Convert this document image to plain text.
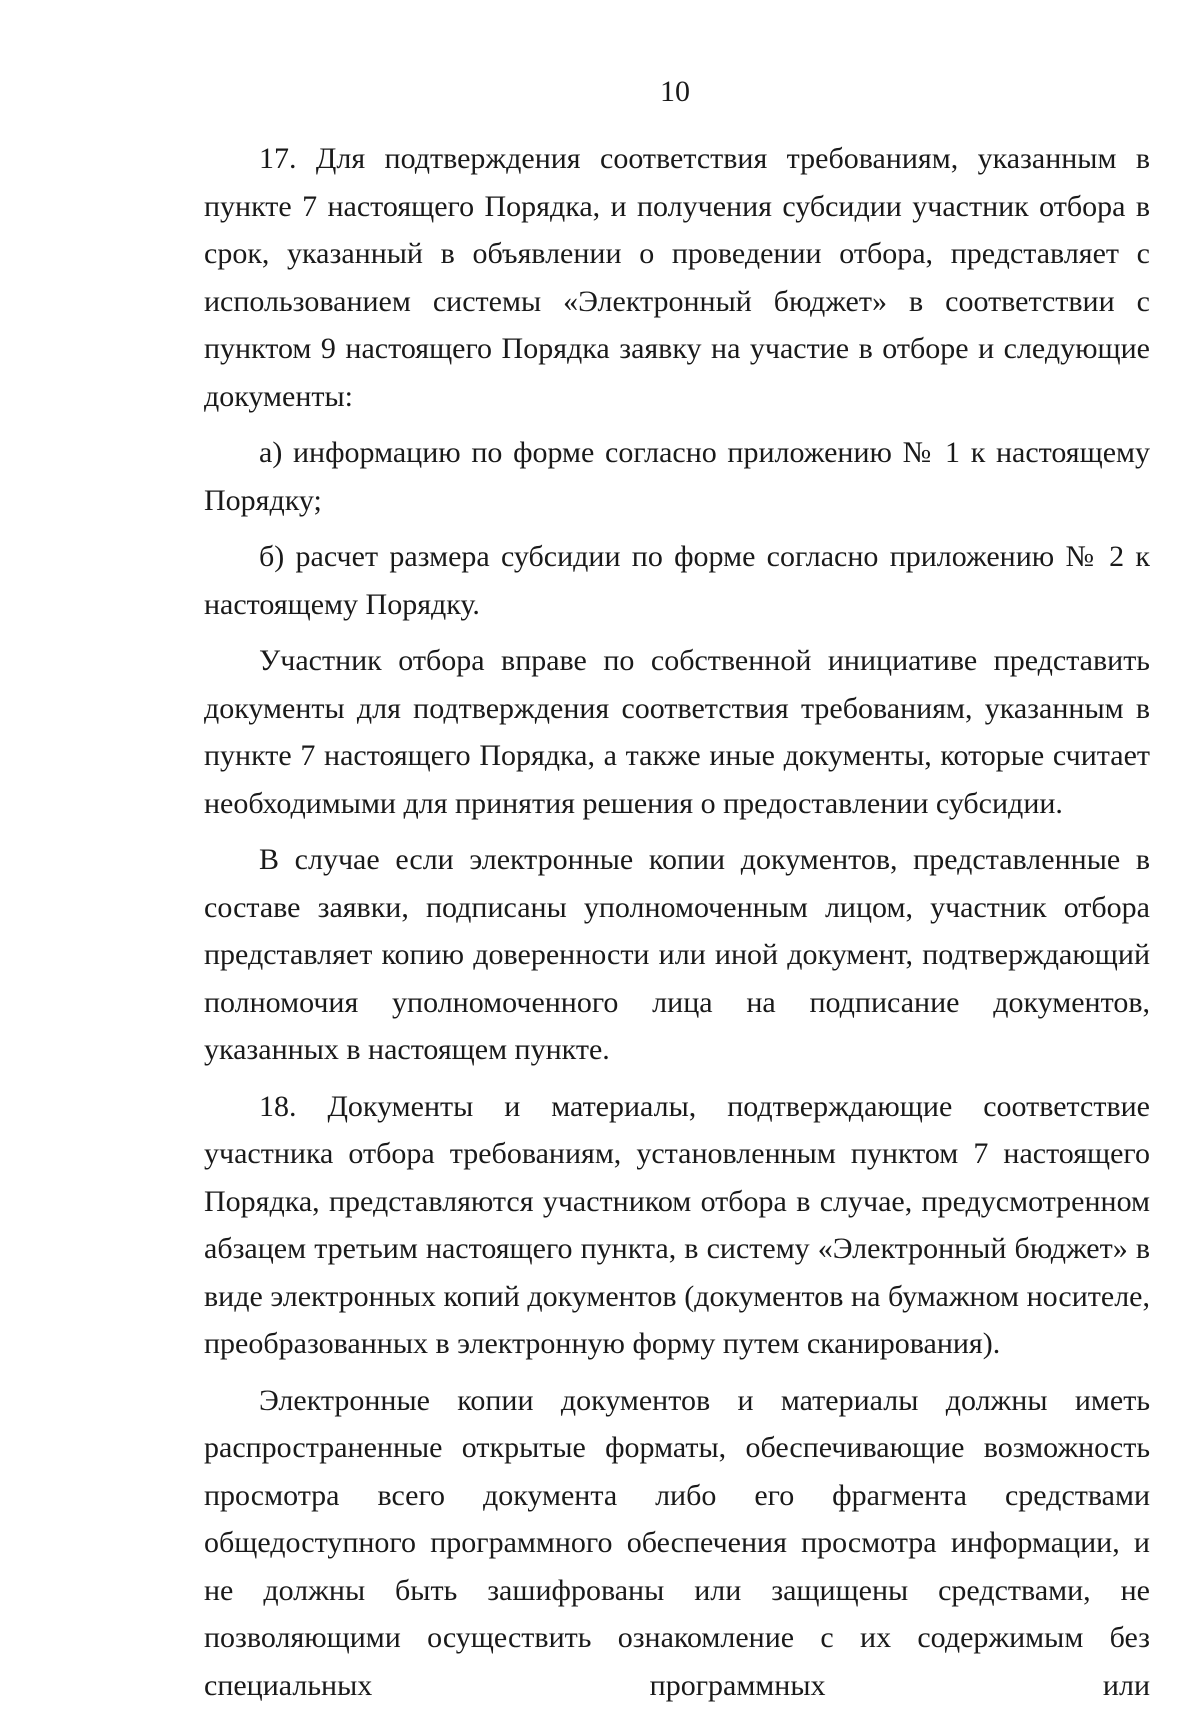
10

17. Для подтверждения соответствия требованиям, указанным в пункте 7 настоящего Порядка, и получения субсидии участник отбора в срок, указанный в объявлении о проведении отбора, представляет с использованием системы «Электронный бюджет» в соответствии с пунктом 9 настоящего Порядка заявку на участие в отборе и следующие документы:

а) информацию по форме согласно приложению № 1 к настоящему Порядку;

б) расчет размера субсидии по форме согласно приложению № 2 к настоящему Порядку.

Участник отбора вправе по собственной инициативе представить документы для подтверждения соответствия требованиям, указанным в пункте 7 настоящего Порядка, а также иные документы, которые считает необходимыми для принятия решения о предоставлении субсидии.

В случае если электронные копии документов, представленные в составе заявки, подписаны уполномоченным лицом, участник отбора представляет копию доверенности или иной документ, подтверждающий полномочия уполномоченного лица на подписание документов, указанных в настоящем пункте.

18. Документы и материалы, подтверждающие соответствие участника отбора требованиям, установленным пунктом 7 настоящего Порядка, представляются участником отбора в случае, предусмотренном абзацем третьим настоящего пункта, в систему «Электронный бюджет» в виде электронных копий документов (документов на бумажном носителе, преобразованных в электронную форму путем сканирования).

Электронные копии документов и материалы должны иметь распространенные открытые форматы, обеспечивающие возможность просмотра всего документа либо его фрагмента средствами общедоступного программного обеспечения просмотра информации, и не должны быть зашифрованы или защищены средствами, не позволяющими осуществить ознакомление с их содержимым без специальных программных или
